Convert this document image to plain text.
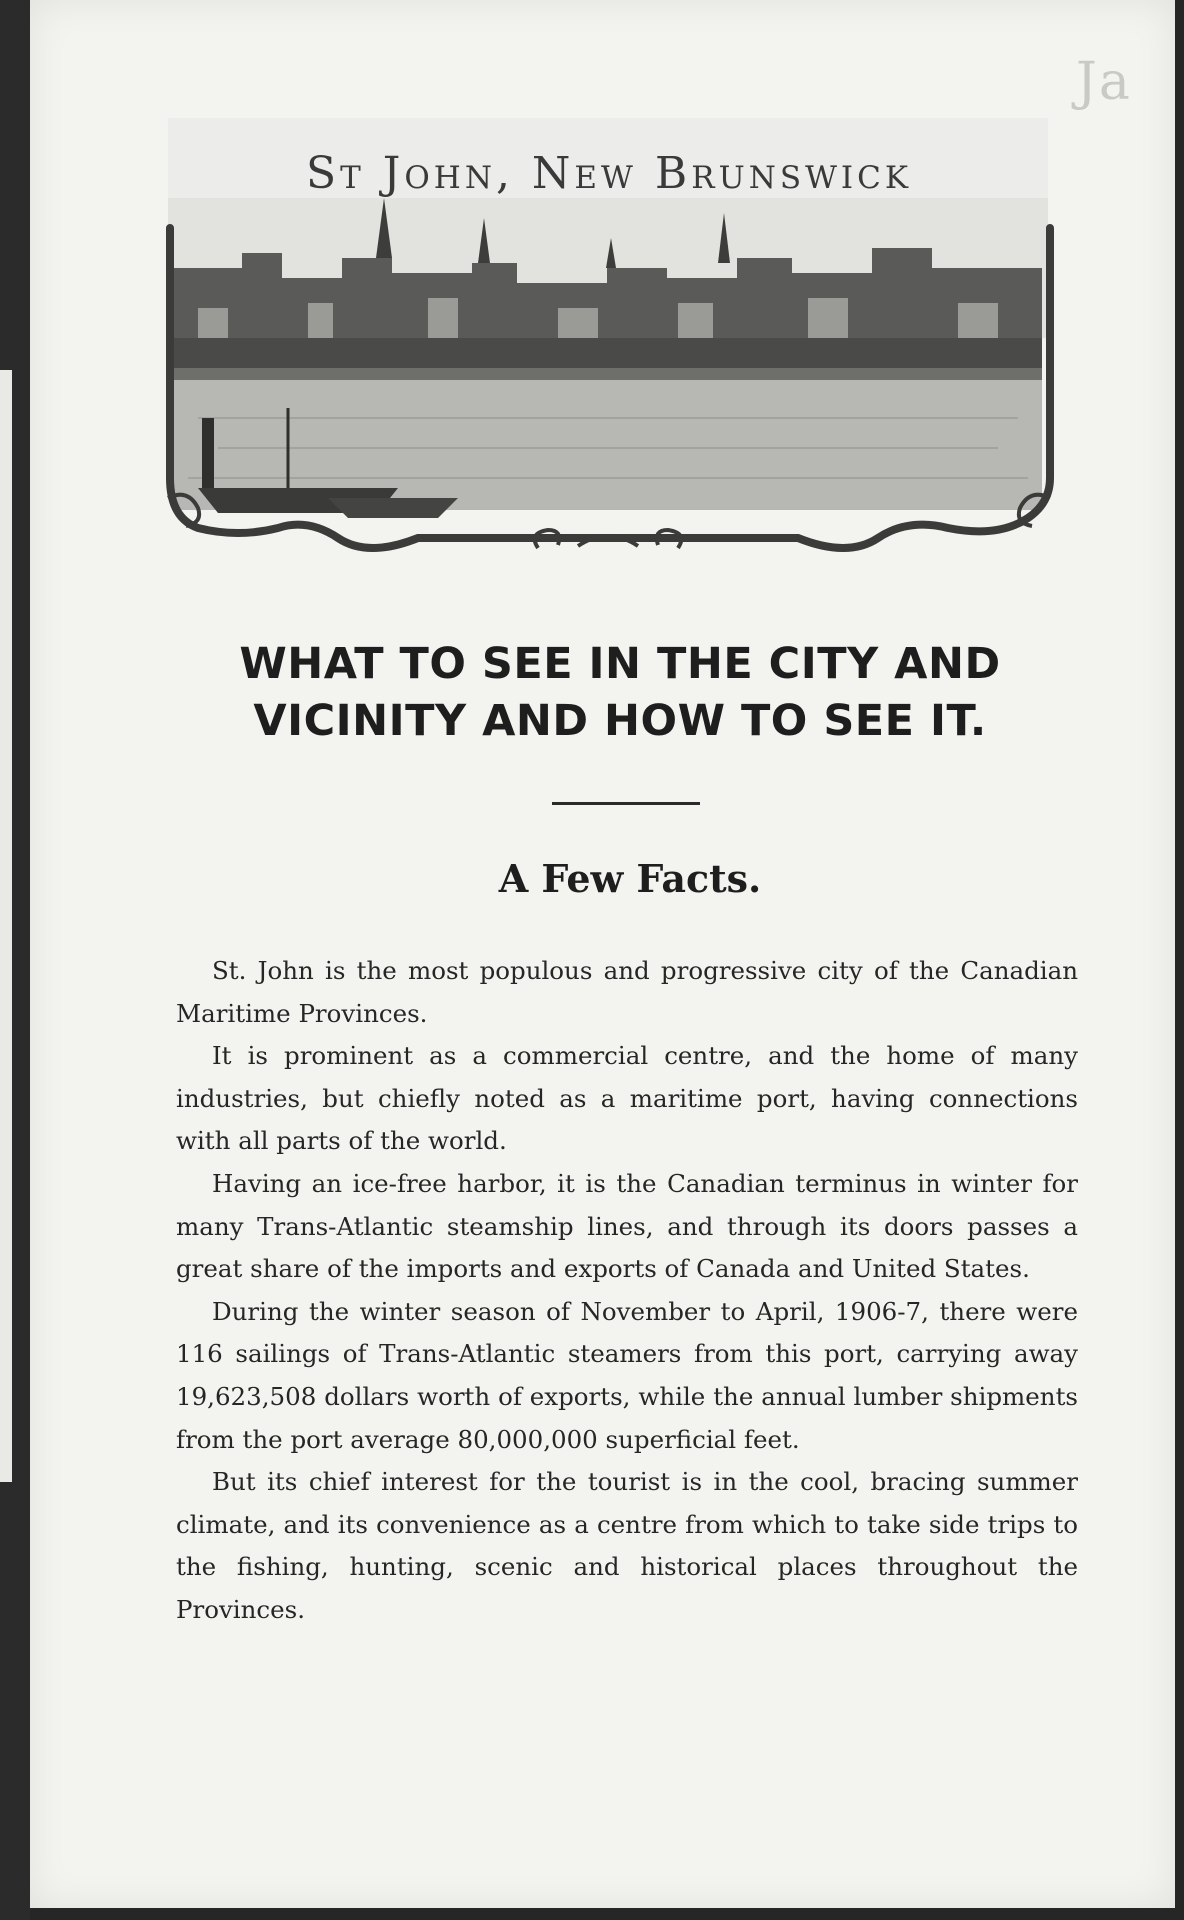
Ja
St John, New Brunswick
WHAT TO SEE IN THE CITY AND
VICINITY AND HOW TO SEE IT.
A Few Facts.

St. John is the most populous and progressive city of the Canadian Maritime Provinces.

It is prominent as a commercial centre, and the home of many industries, but chiefly noted as a maritime port, having connections with all parts of the world.

Having an ice-free harbor, it is the Canadian terminus in winter for many Trans-Atlantic steamship lines, and through its doors passes a great share of the imports and exports of Canada and United States.

During the winter season of November to April, 1906-7, there were 116 sailings of Trans-Atlantic steamers from this port, carrying away 19,623,508 dollars worth of exports, while the annual lumber shipments from the port average 80,000,000 superficial feet.

But its chief interest for the tourist is in the cool, bracing summer climate, and its convenience as a centre from which to take side trips to the fishing, hunting, scenic and historical places throughout the Provinces.
